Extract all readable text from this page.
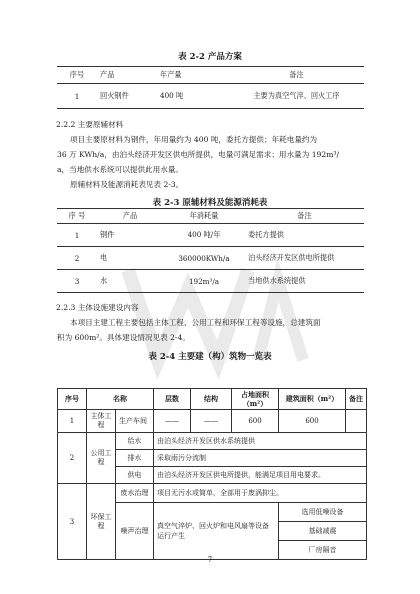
表 2-2 产品方案
序号	产品	年产量	备注
1	回火钢件	400 吨	主要为真空气淬、回火工序
2.2.2 主要原辅材料
项目主要原材料为钢件，年用量约为 400 吨，委托方提供；年耗电量约为
36 万 KWh/a，由泊头经济开发区供电所提供，电量可满足需求；用水量为 192m³/
a，当地供水系统可以提供此用水量。
原辅材料及能源消耗表见表 2-3。
表 2-3 原辅材料及能源消耗表
序 号	产品	年消耗量	备注
1	钢件	400 吨/年	委托方提供
2	电	360000KWh/a	泊头经济开发区供电所提供
3	水	192m³/a	当地供水系统提供
2.2.3 主体设施建设内容
本项目主建工程主要包括主体工程、公用工程和环保工程等设施，总建筑面
积为 600m²。具体建设情况见表 2-4。
表 2-4 主要建（构）筑物一览表
序号	名称		层数	结构	占地面积（m²）	建筑面积（m²）	备注
1	主体工程	生产车间	——	——	600	600	
2	公用工程	给水	由泊头经济开发区供水系统提供				
		排水	采取雨污分流制				
		供电	由泊头经济开发区供电所提供，能满足项目用电要求。				
3	环保工程	废水治理	项目无污水或简单，全部用于废涡抑尘。				
		噪声治理	真空气淬炉、回火炉和电风扇等设备运行产生			选用低噪设备	
						基础减震	
						厂房隔音	
7
